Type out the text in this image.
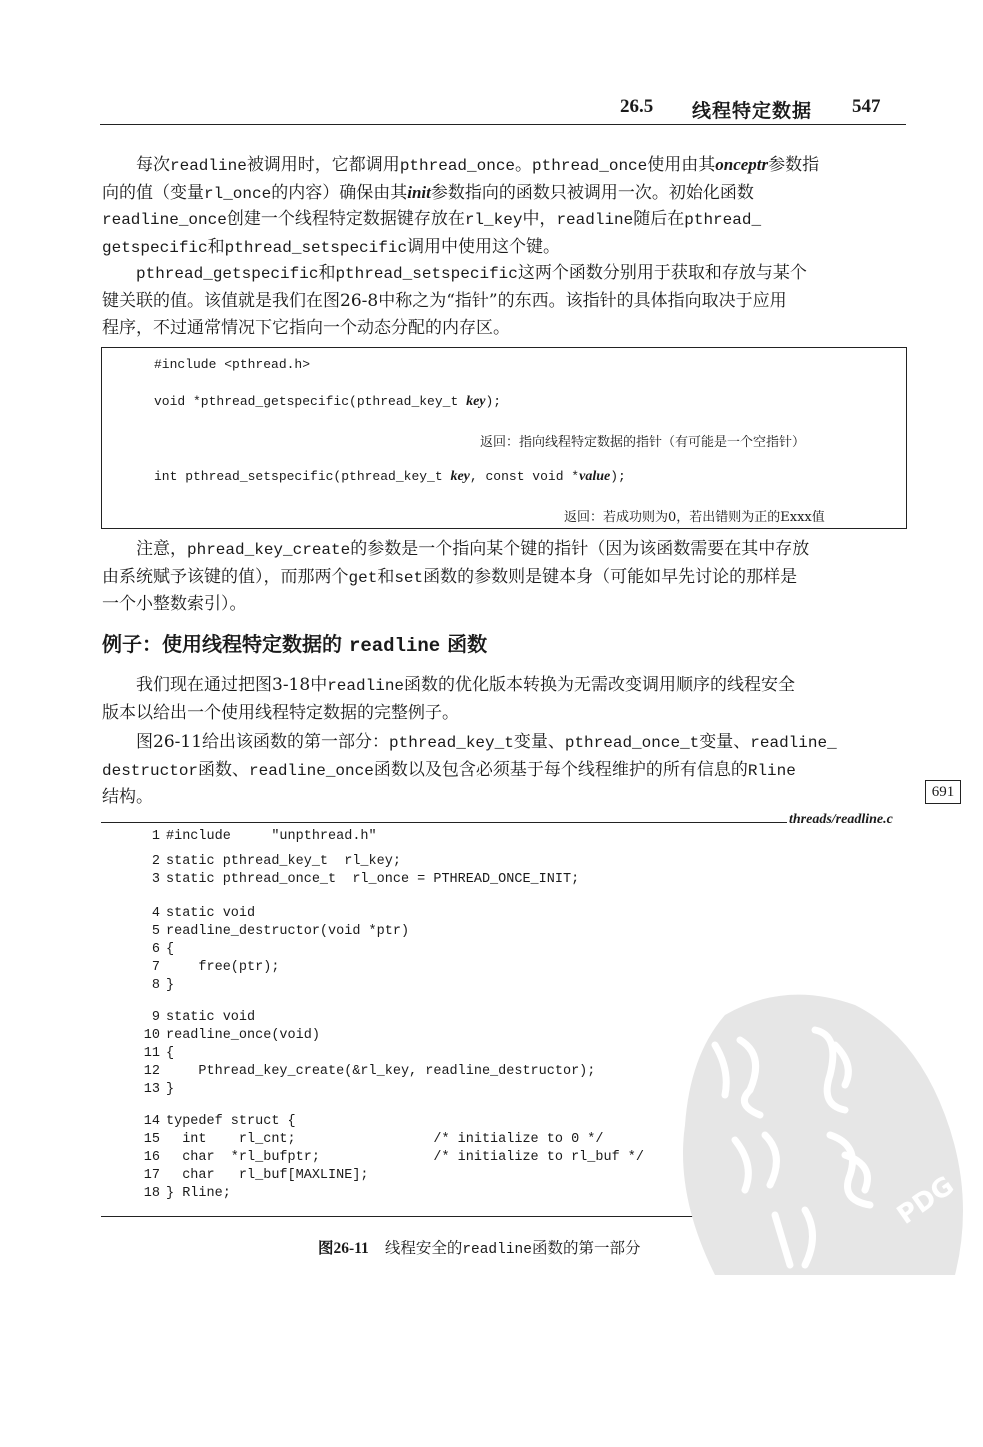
26.5 线程特定数据 547
每次readline被调用时，它都调用pthread_once。pthread_once使用由其onceptr参数指
向的值（变量rl_once的内容）确保由其init参数指向的函数只被调用一次。初始化函数
readline_once创建一个线程特定数据键存放在rl_key中，readline随后在pthread_
getspecific和pthread_setspecific调用中使用这个键。
pthread_getspecific和pthread_setspecific这两个函数分别用于获取和存放与某个
键关联的值。该值就是我们在图26-8中称之为“指针”的东西。该指针的具体指向取决于应用
程序，不过通常情况下它指向一个动态分配的内存区。
#include <pthread.h>
void *pthread_getspecific(pthread_key_t key);
返回：指向线程特定数据的指针（有可能是一个空指针）
int pthread_setspecific(pthread_key_t key, const void *value);
返回：若成功则为0，若出错则为正的Exxx值
注意，phread_key_create的参数是一个指向某个键的指针（因为该函数需要在其中存放
由系统赋予该键的值），而那两个get和set函数的参数则是键本身（可能如早先讨论的那样是
一个小整数索引）。
例子：使用线程特定数据的 readline 函数
我们现在通过把图3-18中readline函数的优化版本转换为无需改变调用顺序的线程安全
版本以给出一个使用线程特定数据的完整例子。
图26-11给出该函数的第一部分：pthread_key_t变量、pthread_once_t变量、readline_
destructor函数、readline_once函数以及包含必须基于每个线程维护的所有信息的Rline
结构。	691
threads/readline.c
1 #include     "unpthread.h"
2 static pthread_key_t  rl_key;
3 static pthread_once_t  rl_once = PTHREAD_ONCE_INIT;
4 static void
5 readline_destructor(void *ptr)
6 {
7    free(ptr);
8 }
9 static void
10 readline_once(void)
11 {
12    Pthread_key_create(&rl_key, readline_destructor);
13 }
14 typedef struct {
15  int    rl_cnt;                 /* initialize to 0 */
16  char  *rl_bufptr;              /* initialize to rl_buf */
17  char   rl_buf[MAXLINE];
18 } Rline;
图26-11 线程安全的readline函数的第一部分
PDG
